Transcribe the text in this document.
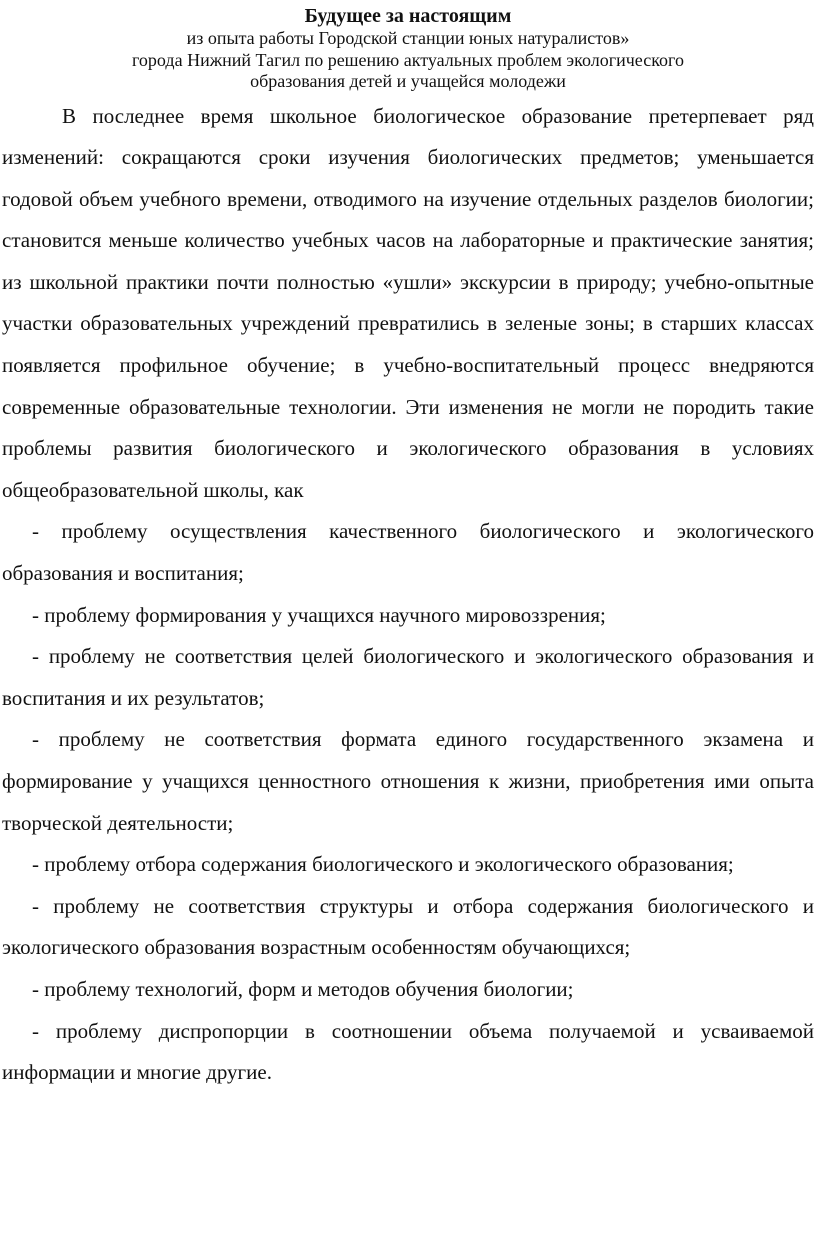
Будущее за настоящим

из опыта работы Городской станции юных натуралистов»

города Нижний Тагил по решению актуальных проблем экологического

образования детей и учащейся молодежи

В последнее время школьное биологическое образование претерпевает ряд изменений: сокращаются сроки изучения биологических предметов; уменьшается годовой объем учебного времени, отводимого на изучение отдельных разделов биологии; становится меньше количество учебных часов на лабораторные и практические занятия; из школьной практики почти полностью «ушли» экскурсии в природу; учебно-опытные участки образовательных учреждений превратились в зеленые зоны; в старших классах появляется профильное обучение; в учебно-воспитательный процесс внедряются современные образовательные технологии. Эти изменения не могли не породить такие проблемы развития биологического и экологического образования в условиях общеобразовательной школы, как

- проблему осуществления качественного биологического и экологического образования и воспитания;

- проблему формирования у учащихся научного мировоззрения;

- проблему не соответствия целей биологического и экологического образования и воспитания и их результатов;

- проблему не соответствия формата единого государственного экзамена и формирование у учащихся ценностного отношения к жизни, приобретения ими опыта творческой деятельности;

- проблему отбора содержания биологического и экологического образования;

- проблему не соответствия структуры и отбора содержания биологического и экологического образования возрастным особенностям обучающихся;

- проблему технологий, форм и методов обучения биологии;

- проблему диспропорции в соотношении объема получаемой и усваиваемой информации и многие другие.
